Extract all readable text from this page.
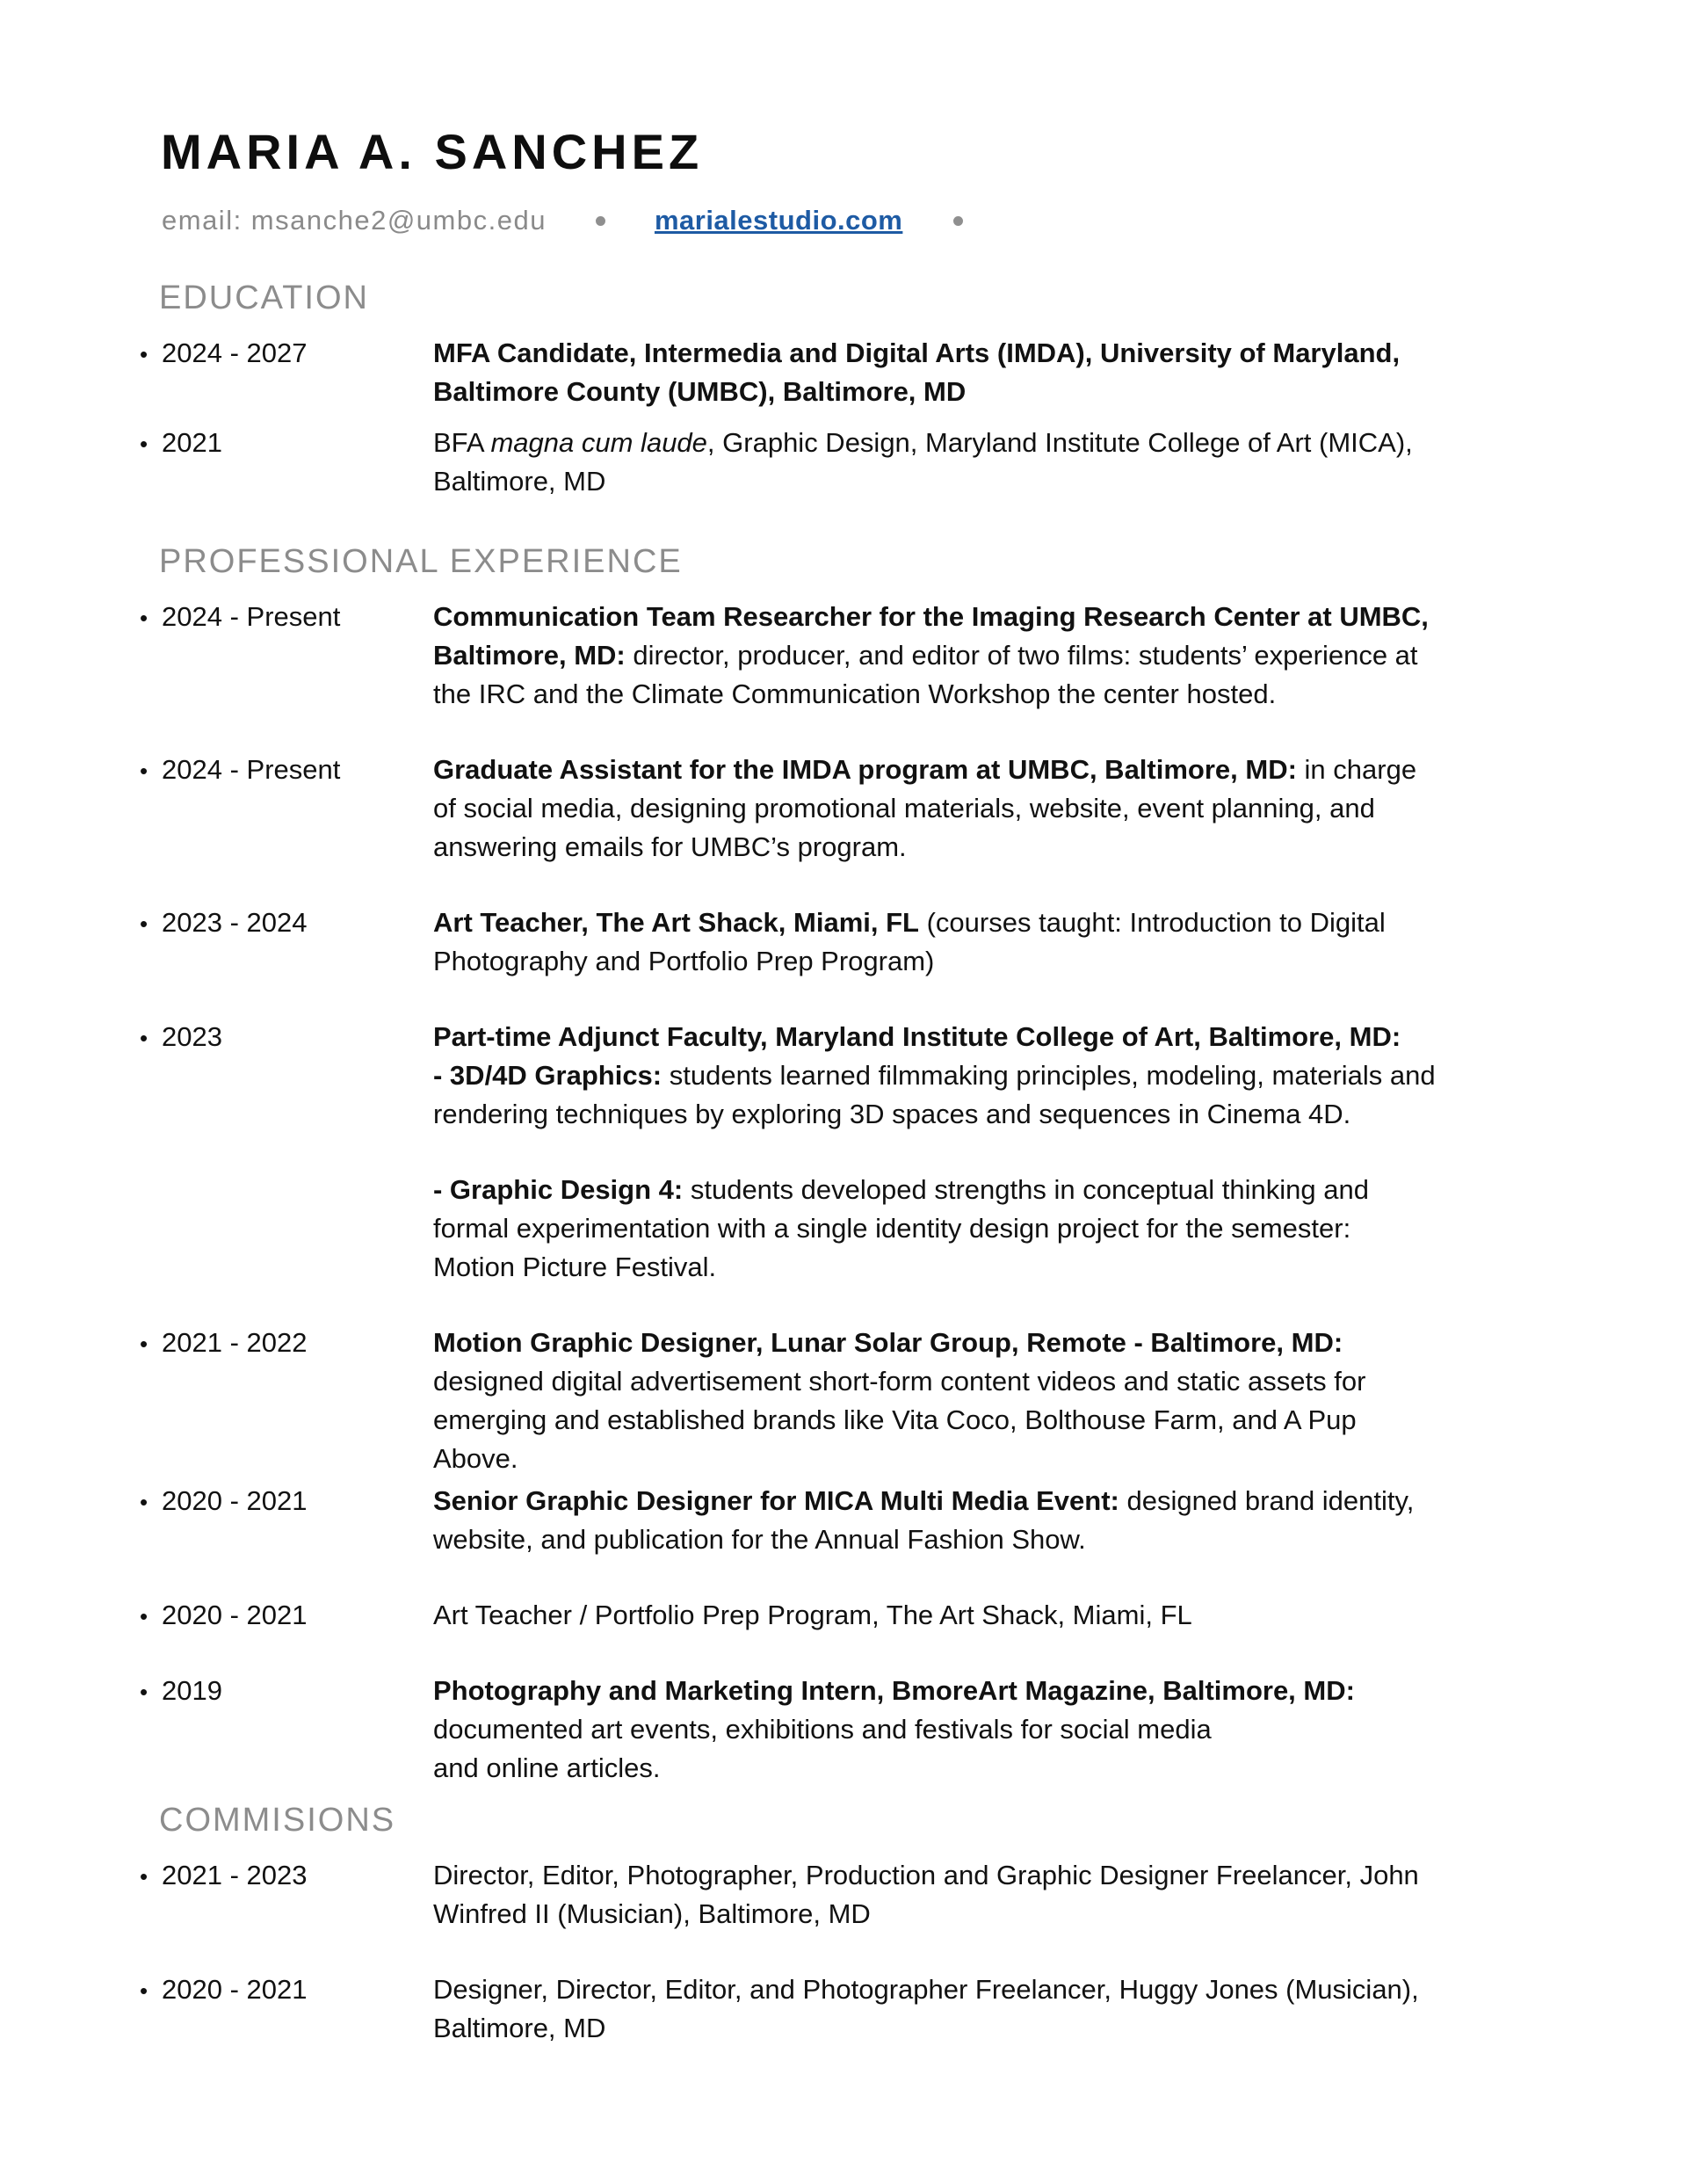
MARIA A. SANCHEZ
email: msanche2@umbc.edu	marialestudio.com
EDUCATION
• 2024 - 2027	MFA Candidate, Intermedia and Digital Arts (IMDA), University of Maryland, Baltimore County (UMBC), Baltimore, MD
• 2021	BFA magna cum laude, Graphic Design, Maryland Institute College of Art (MICA), Baltimore, MD
PROFESSIONAL EXPERIENCE
• 2024 - Present	Communication Team Researcher for the Imaging Research Center at UMBC, Baltimore, MD: director, producer, and editor of two films: students’ experience at the IRC and the Climate Communication Workshop the center hosted.
• 2024 - Present	Graduate Assistant for the IMDA program at UMBC, Baltimore, MD: in charge of social media, designing promotional materials, website, event planning, and answering emails for UMBC’s program.
• 2023 - 2024	Art Teacher, The Art Shack, Miami, FL (courses taught: Introduction to Digital Photography and Portfolio Prep Program)
• 2023	Part-time Adjunct Faculty, Maryland Institute College of Art, Baltimore, MD:

- 3D/4D Graphics: students learned filmmaking principles, modeling, materials and rendering techniques by exploring 3D spaces and sequences in Cinema 4D.

- Graphic Design 4: students developed strengths in conceptual thinking and formal experimentation with a single identity design project for the semester: Motion Picture Festival.

• 2021 - 2022	Motion Graphic Designer, Lunar Solar Group, Remote - Baltimore, MD: designed digital advertisement short-form content videos and static assets for emerging and established brands like Vita Coco, Bolthouse Farm, and A Pup Above.
• 2020 - 2021	Senior Graphic Designer for MICA Multi Media Event: designed brand identity, website, and publication for the Annual Fashion Show.
• 2020 - 2021	Art Teacher / Portfolio Prep Program, The Art Shack, Miami, FL
• 2019	Photography and Marketing Intern, BmoreArt Magazine, Baltimore, MD:

documented art events, exhibitions and festivals for social media

and online articles.

COMMISIONS
• 2021 - 2023	Director, Editor, Photographer, Production and Graphic Designer Freelancer, John Winfred II (Musician), Baltimore, MD
• 2020 - 2021	Designer, Director, Editor, and Photographer Freelancer, Huggy Jones (Musician), Baltimore, MD
